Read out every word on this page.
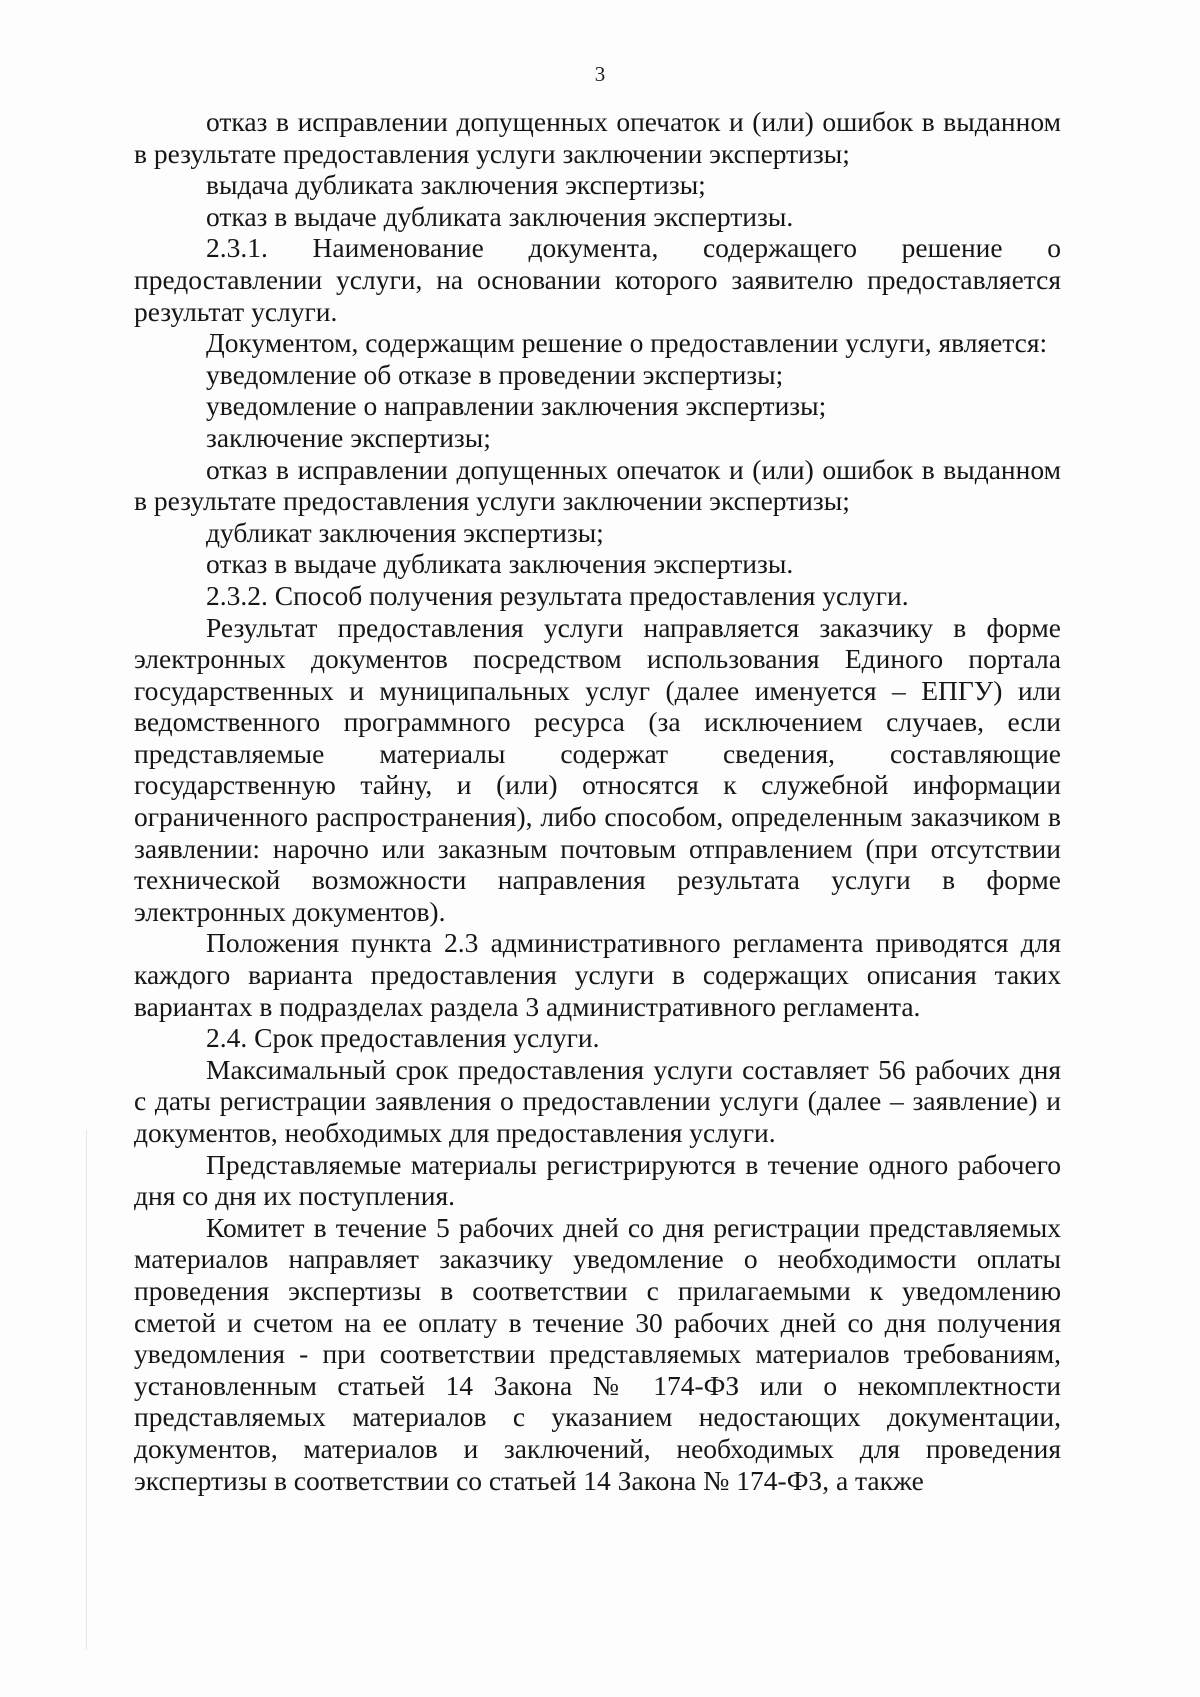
3

отказ в исправлении допущенных опечаток и (или) ошибок в выданном в результате предоставления услуги заключении экспертизы;

выдача дубликата заключения экспертизы;

отказ в выдаче дубликата заключения экспертизы.

2.3.1. Наименование документа, содержащего решение о предоставлении услуги, на основании которого заявителю предоставляется результат услуги.

Документом, содержащим решение о предоставлении услуги, является:

уведомление об отказе в проведении экспертизы;

уведомление о направлении заключения экспертизы;

заключение экспертизы;

отказ в исправлении допущенных опечаток и (или) ошибок в выданном в результате предоставления услуги заключении экспертизы;

дубликат заключения экспертизы;

отказ в выдаче дубликата заключения экспертизы.

2.3.2. Способ получения результата предоставления услуги.

Результат предоставления услуги направляется заказчику в форме электронных документов посредством использования Единого портала государственных и муниципальных услуг (далее именуется – ЕПГУ) или ведомственного программного ресурса (за исключением случаев, если представляемые материалы содержат сведения, составляющие государственную тайну, и (или) относятся к служебной информации ограниченного распространения), либо способом, определенным заказчиком в заявлении: нарочно или заказным почтовым отправлением (при отсутствии технической возможности направления результата услуги в форме электронных документов).

Положения пункта 2.3 административного регламента приводятся для каждого варианта предоставления услуги в содержащих описания таких вариантах в подразделах раздела 3 административного регламента.

2.4. Срок предоставления услуги.

Максимальный срок предоставления услуги составляет 56 рабочих дня с даты регистрации заявления о предоставлении услуги (далее – заявление) и документов, необходимых для предоставления услуги.

Представляемые материалы регистрируются в течение одного рабочего дня со дня их поступления.

Комитет в течение 5 рабочих дней со дня регистрации представляемых материалов направляет заказчику уведомление о необходимости оплаты проведения экспертизы в соответствии с прилагаемыми к уведомлению сметой и счетом на ее оплату в течение 30 рабочих дней со дня получения уведомления - при соответствии представляемых материалов требованиям, установленным статьей 14 Закона № 174-ФЗ или о некомплектности представляемых материалов с указанием недостающих документации, документов, материалов и заключений, необходимых для проведения экспертизы в соответствии со статьей 14 Закона № 174-ФЗ, а также
